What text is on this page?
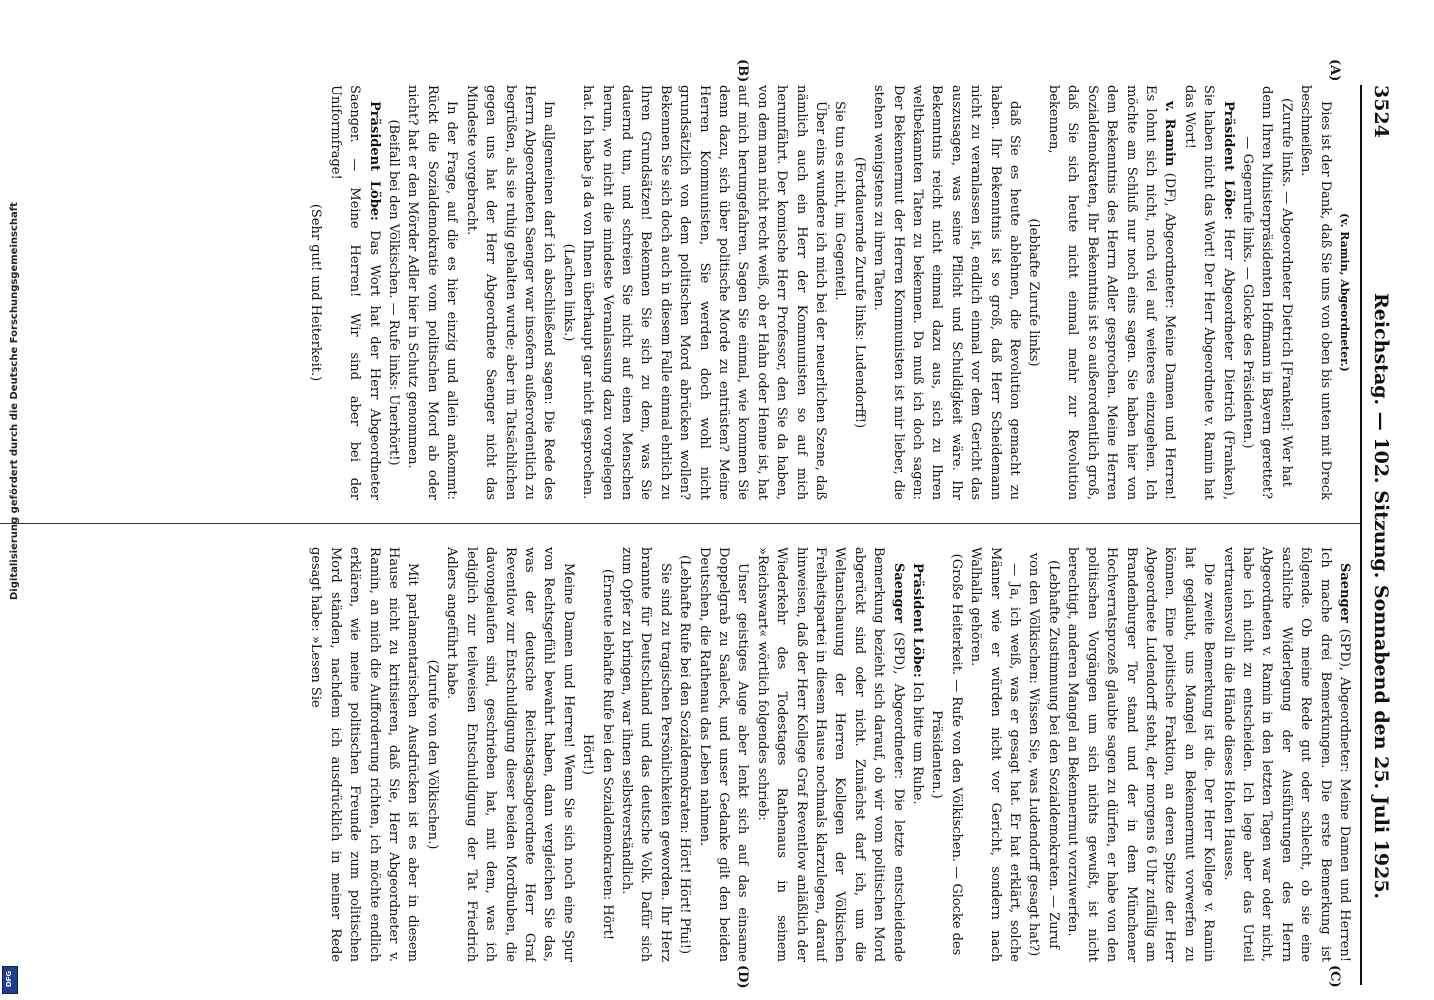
3524
Reichstag. — 102. Sitzung. Sonnabend den 25. Juli 1925.
(A)
(B)
(C)
(D)

(v. Ramin, Abgeordneter.)

Dies ist der Dank, daß Sie uns von oben bis unten mit Dreck beschmeißen.

(Zurufe links. — Abgeordneter Dietrich [Franken]: Wer hat denn Ihren Ministerpräsidenten Hoffmann in Bayern gerettet? — Gegenrufe links. — Glocke des Präsidenten.)

Präsident Löbe: Herr Abgeordneter Dietrich (Franken), Sie haben nicht das Wort! Der Herr Abgeordnete v. Ramin hat das Wort!

v. Ramin (DF), Abgeordneter: Meine Damen und Herren! Es lohnt sich nicht, noch viel auf weiteres einzugehen. Ich möchte am Schluß nur noch eins sagen. Sie haben hier von dem Bekenntnis des Herrn Adler gesprochen. Meine Herren Sozialdemokraten, Ihr Bekenntnis ist so außerordentlich groß, daß Sie sich heute nicht einmal mehr zur Revolution bekennen,

(lebhafte Zurufe links)

daß Sie es heute ablehnen, die Revolution gemacht zu haben. Ihr Bekenntnis ist so groß, daß Herr Scheidemann nicht zu veranlassen ist, endlich einmal vor dem Gericht das auszusagen, was seine Pflicht und Schuldigkeit wäre. Ihr Bekenntnis reicht nicht einmal dazu aus, sich zu Ihren weltbekannten Taten zu bekennen. Da muß ich doch sagen: Der Bekennermut der Herren Kommunisten ist mir lieber, die stehen wenigstens zu ihren Taten.

(Fortdauernde Zurufe links: Ludendorff!)

Sie tun es nicht, im Gegenteil.

Über eins wundere ich mich bei der neuerlichen Szene, daß nämlich auch ein Herr der Kommunisten so auf mich herumfährt. Der komische Herr Professor, den Sie da haben, von dem man nicht recht weiß, ob er Hahn oder Henne ist, hat auf mich herumgefahren. Sagen Sie einmal, wie kommen Sie denn dazu, sich über politische Morde zu entrüsten? Meine Herren Kommunisten, Sie werden doch wohl nicht grundsätzlich von dem politischen Mord abrücken wollen? Bekennen Sie sich doch auch in diesem Falle einmal ehrlich zu Ihren Grundsätzen! Bekennen Sie sich zu dem, was Sie dauernd tun, und schreien Sie nicht auf einen Menschen herum, wo nicht die mindeste Veranlassung dazu vorgelegen hat. Ich habe ja da von Ihnen überhaupt gar nicht gesprochen.

(Lachen links.)

Im allgemeinen darf ich abschließend sagen: Die Rede des Herrn Abgeordneten Saenger war insofern außerordentlich zu begrüßen, als sie ruhig gehalten wurde; aber im Tatsächlichen gegen uns hat der Herr Abgeordnete Saenger nicht das Mindeste vorgebracht.

In der Frage, auf die es hier einzig und allein ankommt: Rückt die Sozialdemokratie vom politischen Mord ab oder nicht? hat er den Mörder Adler hier in Schutz genommen.

(Beifall bei den Völkischen. — Rufe links: Unerhört!)

Präsident Löbe: Das Wort hat der Herr Abgeordneter Saenger. — Meine Herren! Wir sind aber bei der Uniformfrage!

(Sehr gut! und Heiterkeit.)

Saenger (SPD), Abgeordneter: Meine Damen und Herren! Ich mache drei Bemerkungen. Die erste Bemerkung ist folgende. Ob meine Rede gut oder schlecht, ob sie eine sachliche Widerlegung der Ausführungen des Herrn Abgeordneten v. Ramin in den letzten Tagen war oder nicht, habe ich nicht zu entscheiden. Ich lege aber das Urteil vertrauensvoll in die Hände dieses Hohen Hauses.

Die zweite Bemerkung ist die. Der Herr Kollege v. Ramin hat geglaubt, uns Mangel an Bekennermut vorwerfen zu können. Eine politische Fraktion, an deren Spitze der Herr Abgeordnete Ludendorff steht, der morgens 6 Uhr zufällig am Brandenburger Tor stand und der in dem Münchener Hochverratsprozeß glaubte sagen zu dürfen, er habe von den politischen Vorgängen um sich nichts gewußt, ist nicht berechtigt, anderen Mangel an Bekennermut vorzuwerfen.

(Lebhafte Zustimmung bei den Sozialdemokraten. — Zuruf von den Völkischen: Wissen Sie, was Ludendorff gesagt hat?)

— Ja, ich weiß, was er gesagt hat. Er hat erklärt, solche Männer wie er würden nicht vor Gericht, sondern nach Walhalla gehören.

(Große Heiterkeit. — Rufe von den Völkischen. — Glocke des Präsidenten.)

Präsident Löbe: Ich bitte um Ruhe.

Saenger (SPD), Abgeordneter: Die letzte entscheidende Bemerkung bezieht sich darauf, ob wir vom politischen Mord abgerückt sind oder nicht. Zunächst darf ich, um die Weltanschauung der Herren Kollegen der Völkischen Freiheitspartei in diesem Hause nochmals klarzulegen, darauf hinweisen, daß der Herr Kollege Graf Reventlow anläßlich der Wiederkehr des Todestages Rathenaus in seinem »Reichswart« wörtlich folgendes schrieb:

Unser geistiges Auge aber lenkt sich auf das einsame Doppelgrab zu Saaleck, und unser Gedanke gilt den beiden Deutschen, die Rathenau das Leben nahmen.

(Lebhafte Rufe bei den Sozialdemokraten: Hört! Hört! Pfui!)

Sie sind zu tragischen Persönlichkeiten geworden. Ihr Herz brannte für Deutschland und das deutsche Volk. Dafür sich zum Opfer zu bringen, war ihnen selbstverständlich.

(Erneute lebhafte Rufe bei den Sozialdemokraten: Hört! Hört!)

Meine Damen und Herren! Wenn Sie sich noch eine Spur von Rechtsgefühl bewahrt haben, dann vergleichen Sie das, was der deutsche Reichstagsabgeordnete Herr Graf Reventlow zur Entschuldigung dieser beiden Mordbuben, die davongelaufen sind, geschrieben hat, mit dem, was ich lediglich zur teilweisen Entschuldigung der Tat Friedrich Adlers angeführt habe.

(Zurufe von den Völkischen.)

Mit parlamentarischen Ausdrücken ist es aber in diesem Hause nicht zu kritisieren, daß Sie, Herr Abgeordneter v. Ramin, an mich die Aufforderung richten, ich möchte endlich erklären, wie meine politischen Freunde zum politischen Mord ständen, nachdem ich ausdrücklich in meiner Rede gesagt habe: »Lesen Sie

Digitalisierung gefördert durch die Deutsche Forschungsgemeinschaft
DFG
